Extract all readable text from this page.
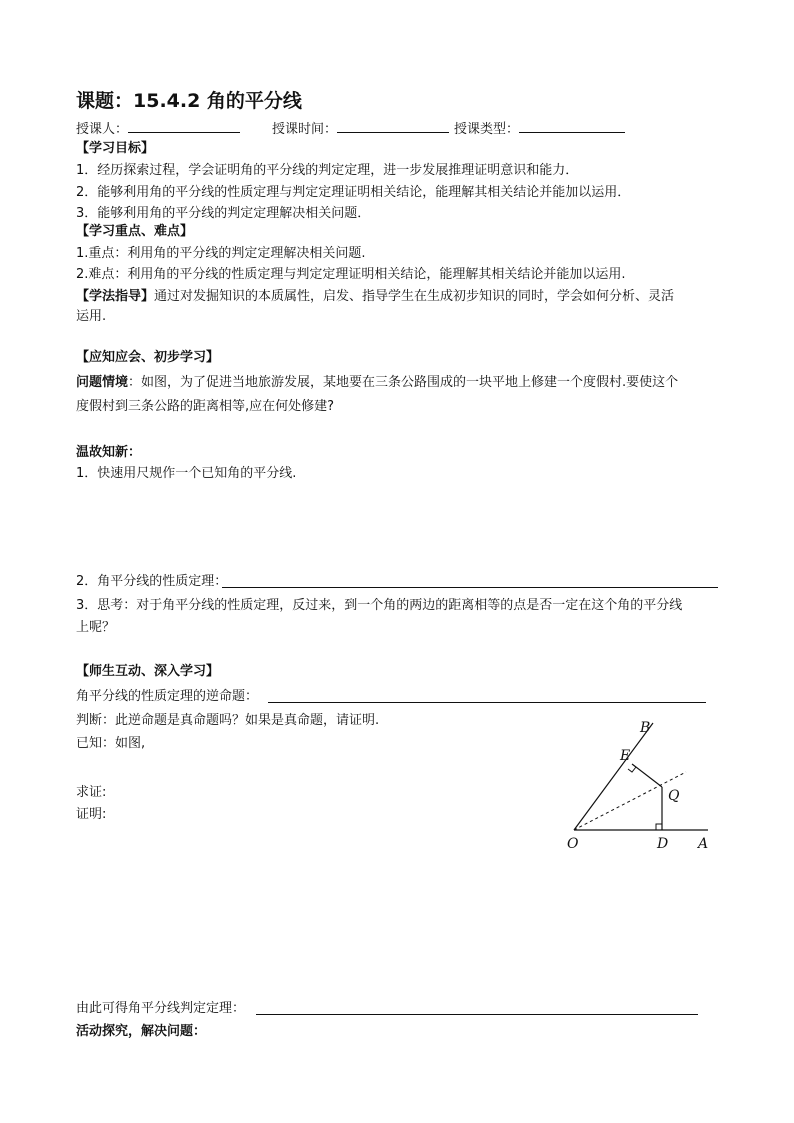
课题：15.4.2 角的平分线
授课人：	授课时间：	授课类型：
【学习目标】
1．经历探索过程，学会证明角的平分线的判定定理，进一步发展推理证明意识和能力．
2．能够利用角的平分线的性质定理与判定定理证明相关结论，能理解其相关结论并能加以运用．
3．能够利用角的平分线的判定定理解决相关问题．
【学习重点、难点】
1.重点：利用角的平分线的判定定理解决相关问题.
2.难点：利用角的平分线的性质定理与判定定理证明相关结论，能理解其相关结论并能加以运用.
【学法指导】通过对发掘知识的本质属性，启发、指导学生在生成初步知识的同时，学会如何分析、灵活
运用.
【应知应会、初步学习】
问题情境：如图，为了促进当地旅游发展，某地要在三条公路围成的一块平地上修建一个度假村.要使这个
度假村到三条公路的距离相等,应在何处修建?
温故知新：
1．快速用尺规作一个已知角的平分线.
2．角平分线的性质定理：
3．思考：对于角平分线的性质定理，反过来，到一个角的两边的距离相等的点是否一定在这个角的平分线
上呢？
【师生互动、深入学习】
角平分线的性质定理的逆命题：
判断：此逆命题是真命题吗？如果是真命题，请证明.
已知：如图,
求证:
证明:
B
E
Q
O	D A
由此可得角平分线判定定理：
活动探究，解决问题：
